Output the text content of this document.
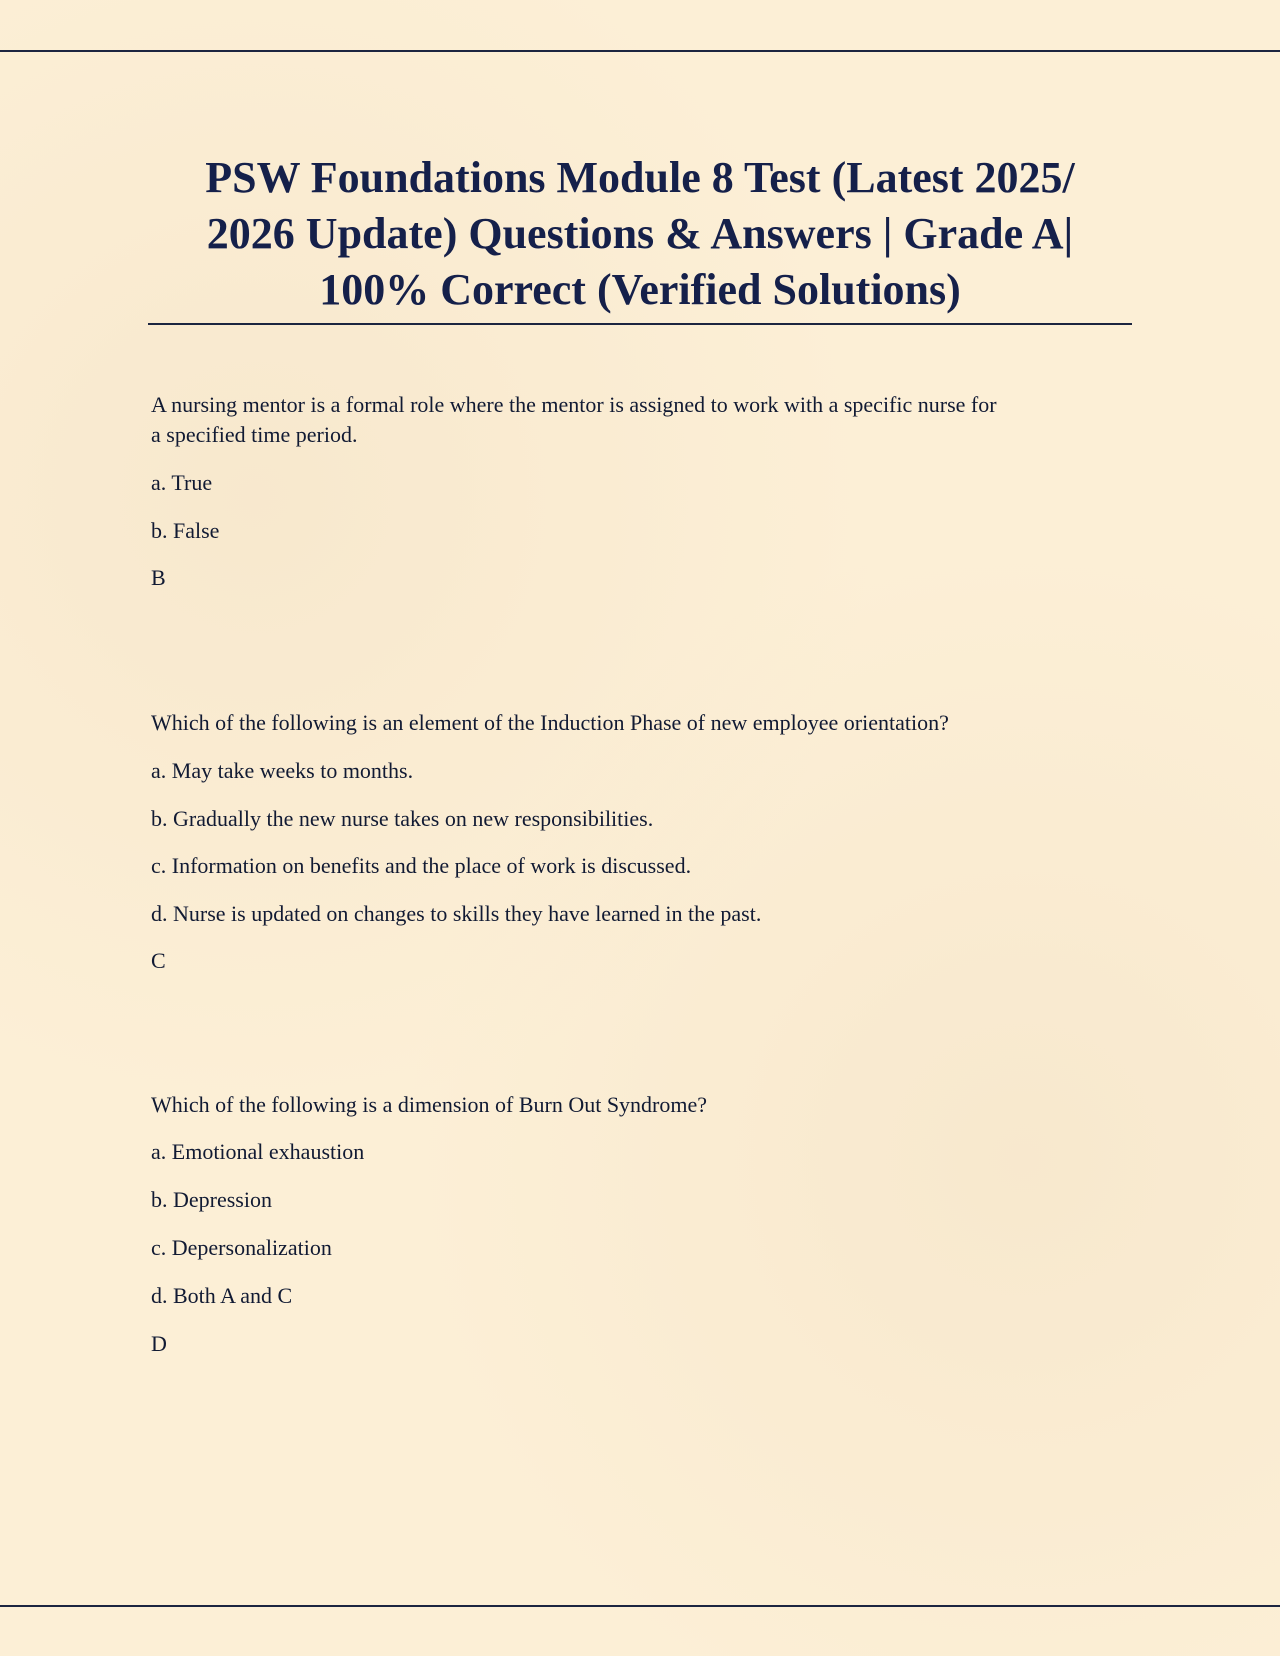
PSW Foundations Module 8 Test (Latest 2025/
2026 Update) Questions & Answers | Grade A|
100% Correct (Verified Solutions)
A nursing mentor is a formal role where the mentor is assigned to work with a specific nurse for
a specified time period.
a. True
b. False
B
Which of the following is an element of the Induction Phase of new employee orientation?
a. May take weeks to months.
b. Gradually the new nurse takes on new responsibilities.
c. Information on benefits and the place of work is discussed.
d. Nurse is updated on changes to skills they have learned in the past.
C
Which of the following is a dimension of Burn Out Syndrome?
a. Emotional exhaustion
b. Depression
c. Depersonalization
d. Both A and C
D
